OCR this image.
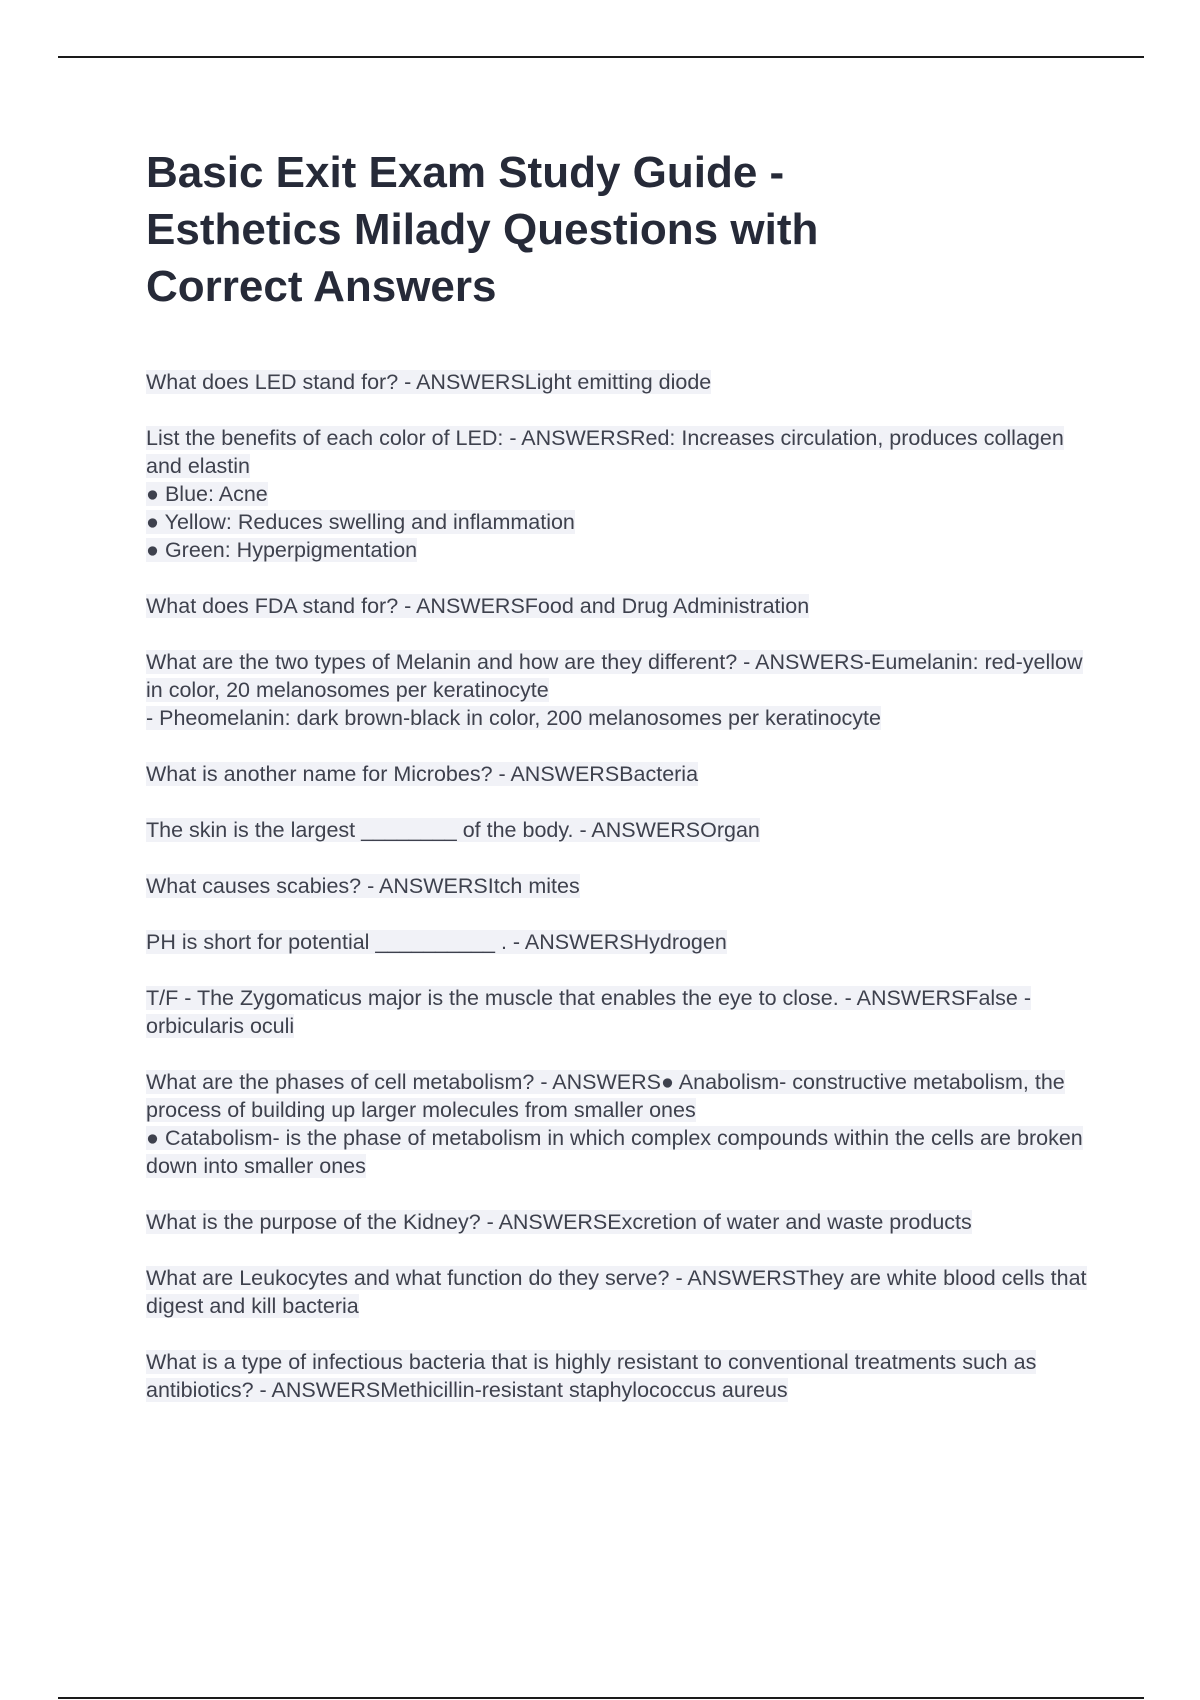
Basic Exit Exam Study Guide - Esthetics Milady Questions with Correct Answers

What does LED stand for? - ANSWERSLight emitting diode

List the benefits of each color of LED: - ANSWERSRed: Increases circulation, produces collagen and elastin
● Blue: Acne
● Yellow: Reduces swelling and inflammation
● Green: Hyperpigmentation

What does FDA stand for? - ANSWERSFood and Drug Administration

What are the two types of Melanin and how are they different? - ANSWERS-Eumelanin: red-yellow in color, 20 melanosomes per keratinocyte
- Pheomelanin: dark brown-black in color, 200 melanosomes per keratinocyte

What is another name for Microbes? - ANSWERSBacteria

The skin is the largest ________ of the body. - ANSWERSOrgan

What causes scabies? - ANSWERSItch mites

PH is short for potential __________ . - ANSWERSHydrogen

T/F - The Zygomaticus major is the muscle that enables the eye to close. - ANSWERSFalse - orbicularis oculi

What are the phases of cell metabolism? - ANSWERS● Anabolism- constructive metabolism, the process of building up larger molecules from smaller ones
● Catabolism- is the phase of metabolism in which complex compounds within the cells are broken down into smaller ones

What is the purpose of the Kidney? - ANSWERSExcretion of water and waste products

What are Leukocytes and what function do they serve? - ANSWERSThey are white blood cells that digest and kill bacteria

What is a type of infectious bacteria that is highly resistant to conventional treatments such as antibiotics? - ANSWERSMethicillin-resistant staphylococcus aureus
